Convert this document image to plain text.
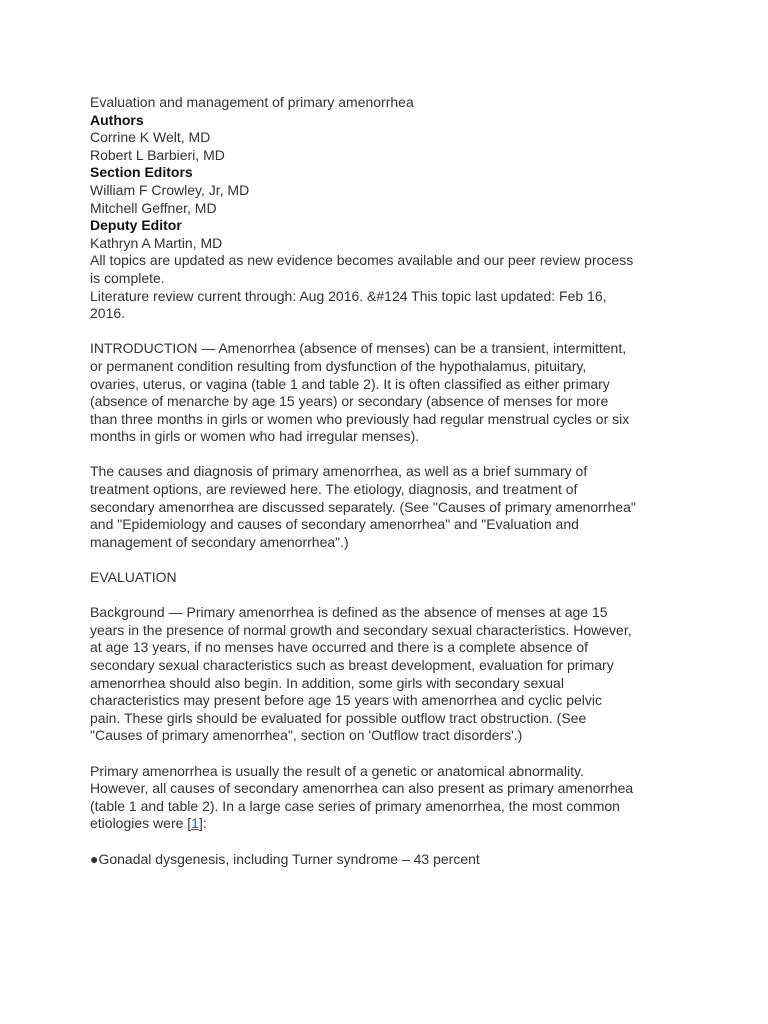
Evaluation and management of primary amenorrhea
Authors
Corrine K Welt, MD
Robert L Barbieri, MD
Section Editors
William F Crowley, Jr, MD
Mitchell Geffner, MD
Deputy Editor
Kathryn A Martin, MD
All topics are updated as new evidence becomes available and our peer review process
is complete.
Literature review current through: Aug 2016. &#124 This topic last updated: Feb 16,
2016.
INTRODUCTION — Amenorrhea (absence of menses) can be a transient, intermittent,
or permanent condition resulting from dysfunction of the hypothalamus, pituitary,
ovaries, uterus, or vagina (table 1 and table 2). It is often classified as either primary
(absence of menarche by age 15 years) or secondary (absence of menses for more
than three months in girls or women who previously had regular menstrual cycles or six
months in girls or women who had irregular menses).
The causes and diagnosis of primary amenorrhea, as well as a brief summary of
treatment options, are reviewed here. The etiology, diagnosis, and treatment of
secondary amenorrhea are discussed separately. (See "Causes of primary amenorrhea"
and "Epidemiology and causes of secondary amenorrhea" and "Evaluation and
management of secondary amenorrhea".)
EVALUATION
Background — Primary amenorrhea is defined as the absence of menses at age 15
years in the presence of normal growth and secondary sexual characteristics. However,
at age 13 years, if no menses have occurred and there is a complete absence of
secondary sexual characteristics such as breast development, evaluation for primary
amenorrhea should also begin. In addition, some girls with secondary sexual
characteristics may present before age 15 years with amenorrhea and cyclic pelvic
pain. These girls should be evaluated for possible outflow tract obstruction. (See
"Causes of primary amenorrhea", section on 'Outflow tract disorders'.)
Primary amenorrhea is usually the result of a genetic or anatomical abnormality.
However, all causes of secondary amenorrhea can also present as primary amenorrhea
(table 1 and table 2). In a large case series of primary amenorrhea, the most common
etiologies were [1]:
●Gonadal dysgenesis, including Turner syndrome – 43 percent
